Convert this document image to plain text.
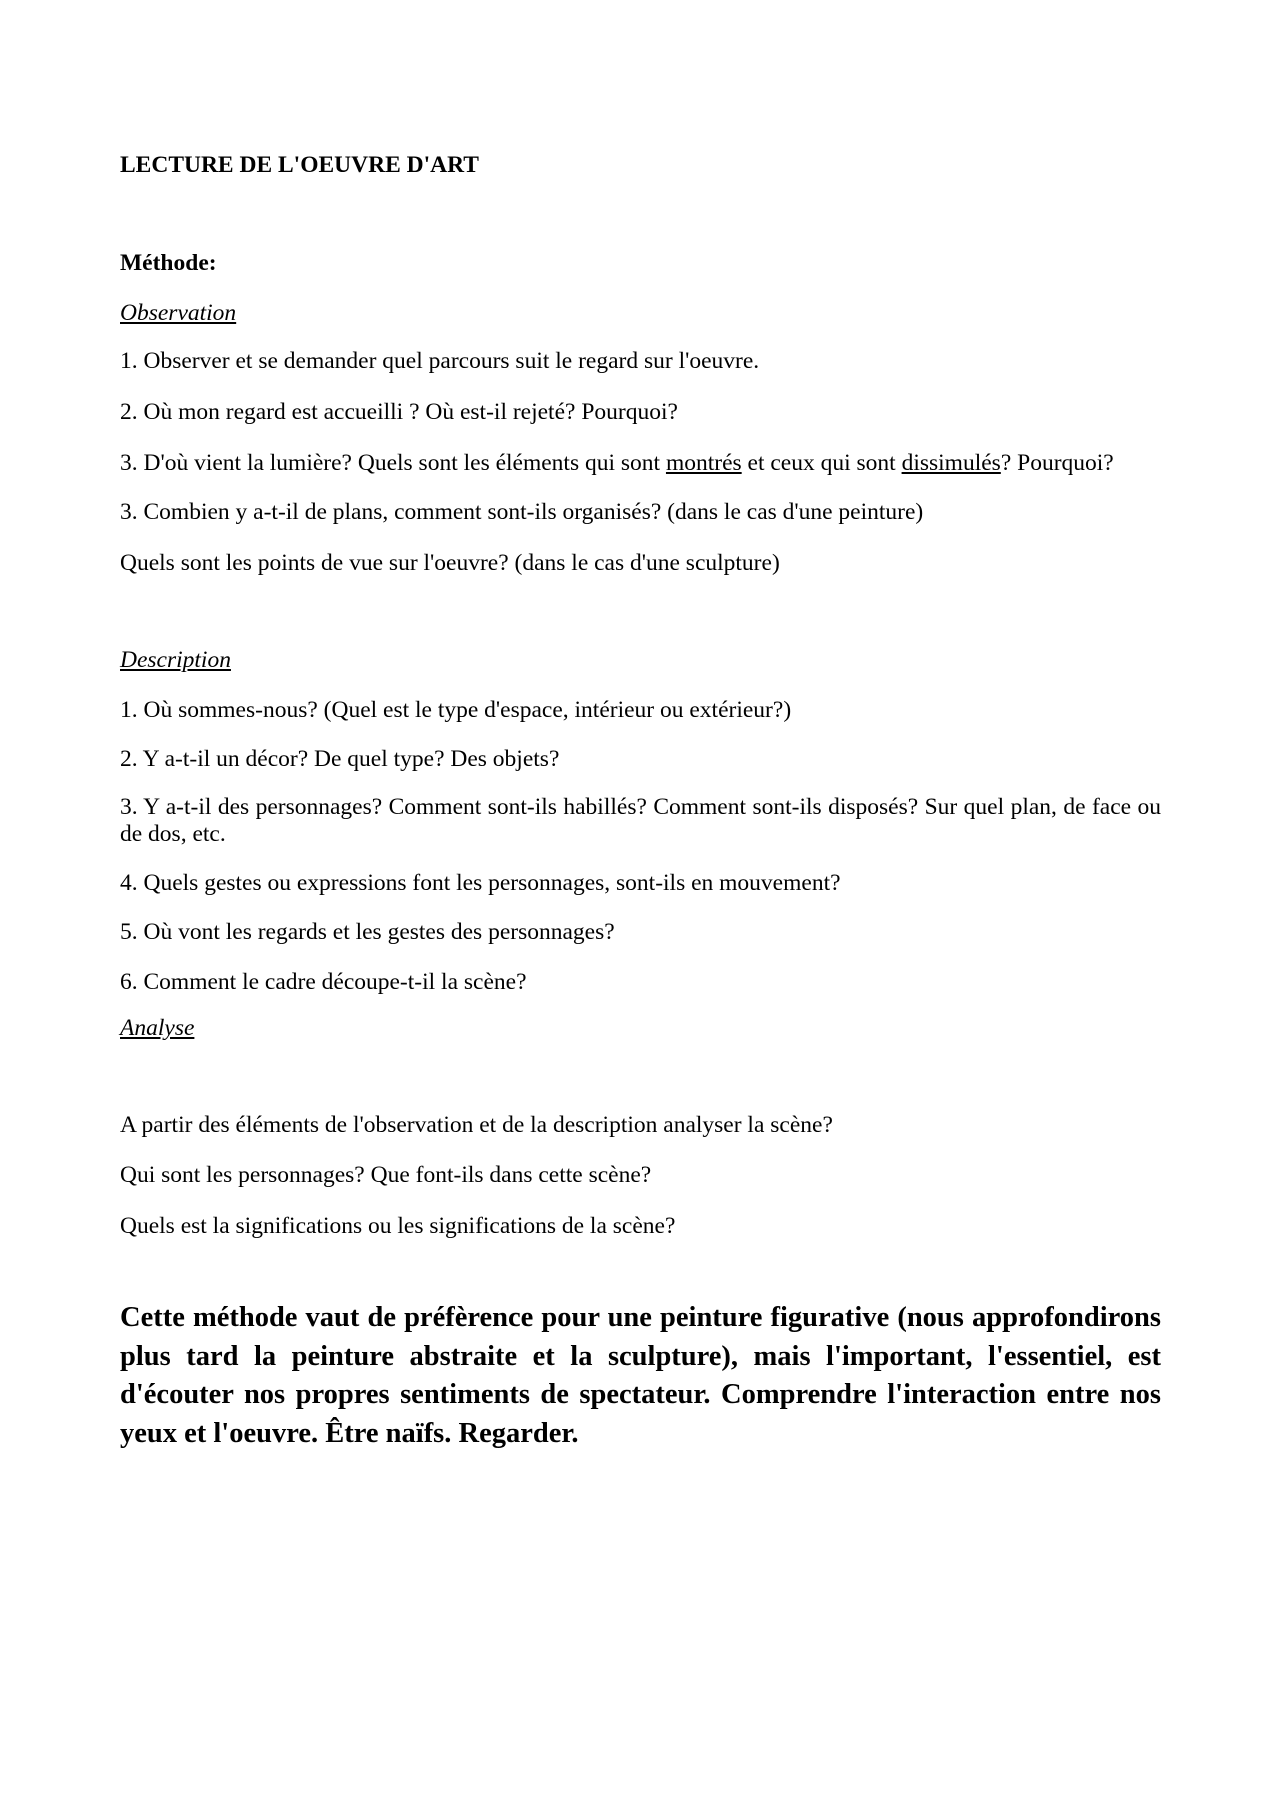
LECTURE DE L'OEUVRE D'ART

Méthode:

Observation

1. Observer et se demander quel parcours suit le regard sur l'oeuvre.

2. Où mon regard est accueilli ? Où est-il rejeté? Pourquoi?

3. D'où vient la lumière? Quels sont les éléments qui sont montrés et ceux qui sont dissimulés? Pourquoi?

3. Combien y a-t-il de plans, comment sont-ils organisés? (dans le cas d'une peinture)

Quels sont les points de vue sur l'oeuvre? (dans le cas d'une sculpture)

Description

1. Où sommes-nous? (Quel est le type d'espace, intérieur ou extérieur?)

2. Y a-t-il un décor? De quel type? Des objets?

3. Y a-t-il des personnages? Comment sont-ils habillés? Comment sont-ils disposés? Sur quel plan, de face ou de dos, etc.

4. Quels gestes ou expressions font les personnages, sont-ils en mouvement?

5. Où vont les regards et les gestes des personnages?

6. Comment le cadre découpe-t-il la scène?

Analyse

A partir des éléments de l'observation et de la description analyser la scène?

Qui sont les personnages? Que font-ils dans cette scène?

Quels est la significations ou les significations de la scène?

Cette méthode vaut de préfèrence pour une peinture figurative (nous approfondirons plus tard la peinture abstraite et la sculpture), mais l'important, l'essentiel, est d'écouter nos propres sentiments de spectateur. Comprendre l'interaction entre nos yeux et l'oeuvre. Être naïfs. Regarder.
